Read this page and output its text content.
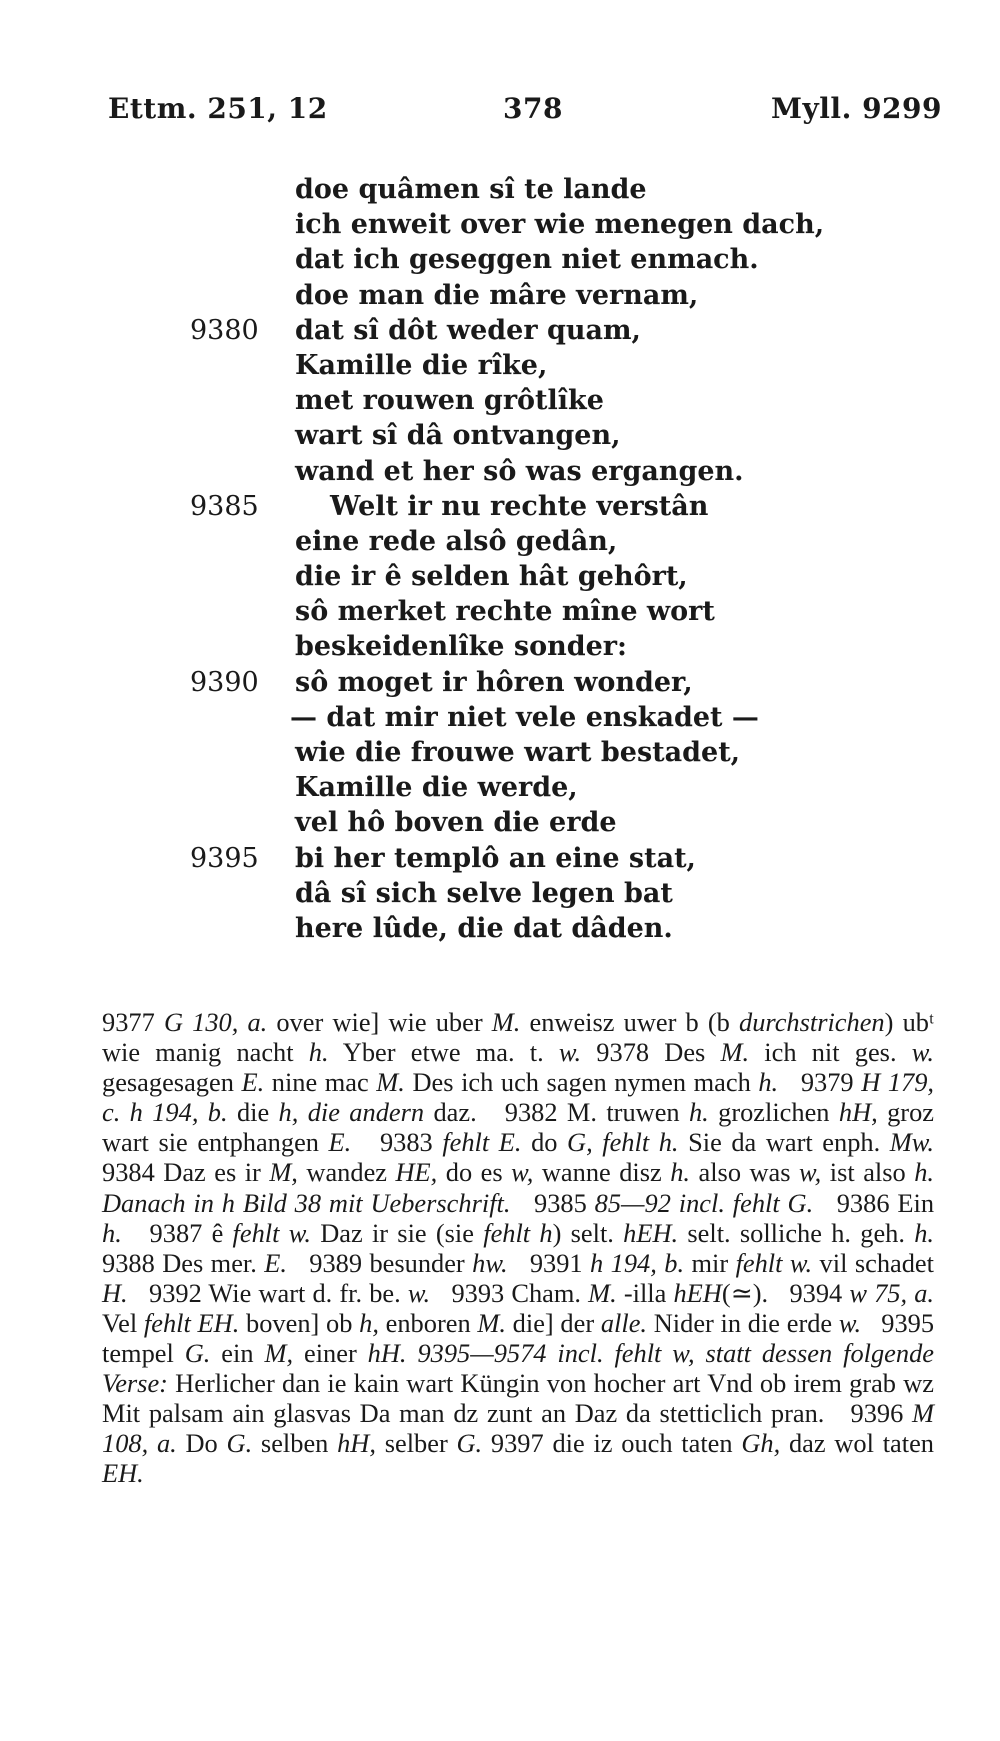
Ettm. 251, 12	378	Myll. 9299
doe quâmen sî te lande
ich enweit over wie menegen dach,
dat ich geseggen niet enmach.
doe man die mâre vernam,
9380 dat sî dôt weder quam,
Kamille die rîke,
met rouwen grôtlîke
wart sî dâ ontvangen,
wand et her sô was ergangen.
9385	Welt ir nu rechte verstân
eine rede alsô gedân,
die ir ê selden hât gehôrt,
sô merket rechte mîne wort
beskeidenlîke sonder:
9390 sô moget ir hôren wonder,
— dat mir niet vele enskadet —
wie die frouwe wart bestadet,
Kamille die werde,
vel hô boven die erde
9395 bi her templô an eine stat,
dâ sî sich selve legen bat
here lûde, die dat dâden.
9377 G 130, a. over wie] wie uber M. enweisz uwer b (b durchstrichen) ubᵗ wie manig nacht h. Yber etwe ma. t. w. 9378 Des M. ich nit ges. w. gesagesagen E. nine mac M. Des ich uch sagen nymen mach h.   9379 H 179, c. h 194, b. die h, die andern daz.   9382 M. truwen h. grozlichen hH, groz wart sie entphangen E.   9383 fehlt E. do G, fehlt h. Sie da wart enph. Mw.   9384 Daz es ir M, wandez HE, do es w, wanne disz h. also was w, ist also h. Danach in h Bild 38 mit Ueberschrift.   9385 85—92 incl. fehlt G.   9386 Ein h.   9387 ê fehlt w. Daz ir sie (sie fehlt h) selt. hEH. selt. solliche h. geh. h.   9388 Des mer. E.   9389 besunder hw.   9391 h 194, b. mir fehlt w. vil schadet H.   9392 Wie wart d. fr. be. w.   9393 Cham. M. -illa hEH(≃).   9394 w 75, a. Vel fehlt EH. boven] ob h, enboren M. die] der alle. Nider in die erde w.   9395 tempel G. ein M, einer hH. 9395—9574 incl. fehlt w, statt dessen folgende Verse: Herlicher dan ie kain wart Küngin von hocher art Vnd ob irem grab wz Mit palsam ain glasvas Da man dz zunt an Daz da stetticlich pran.   9396 M 108, a. Do G. selben hH, selber G. 9397 die iz ouch taten Gh, daz wol taten EH.
